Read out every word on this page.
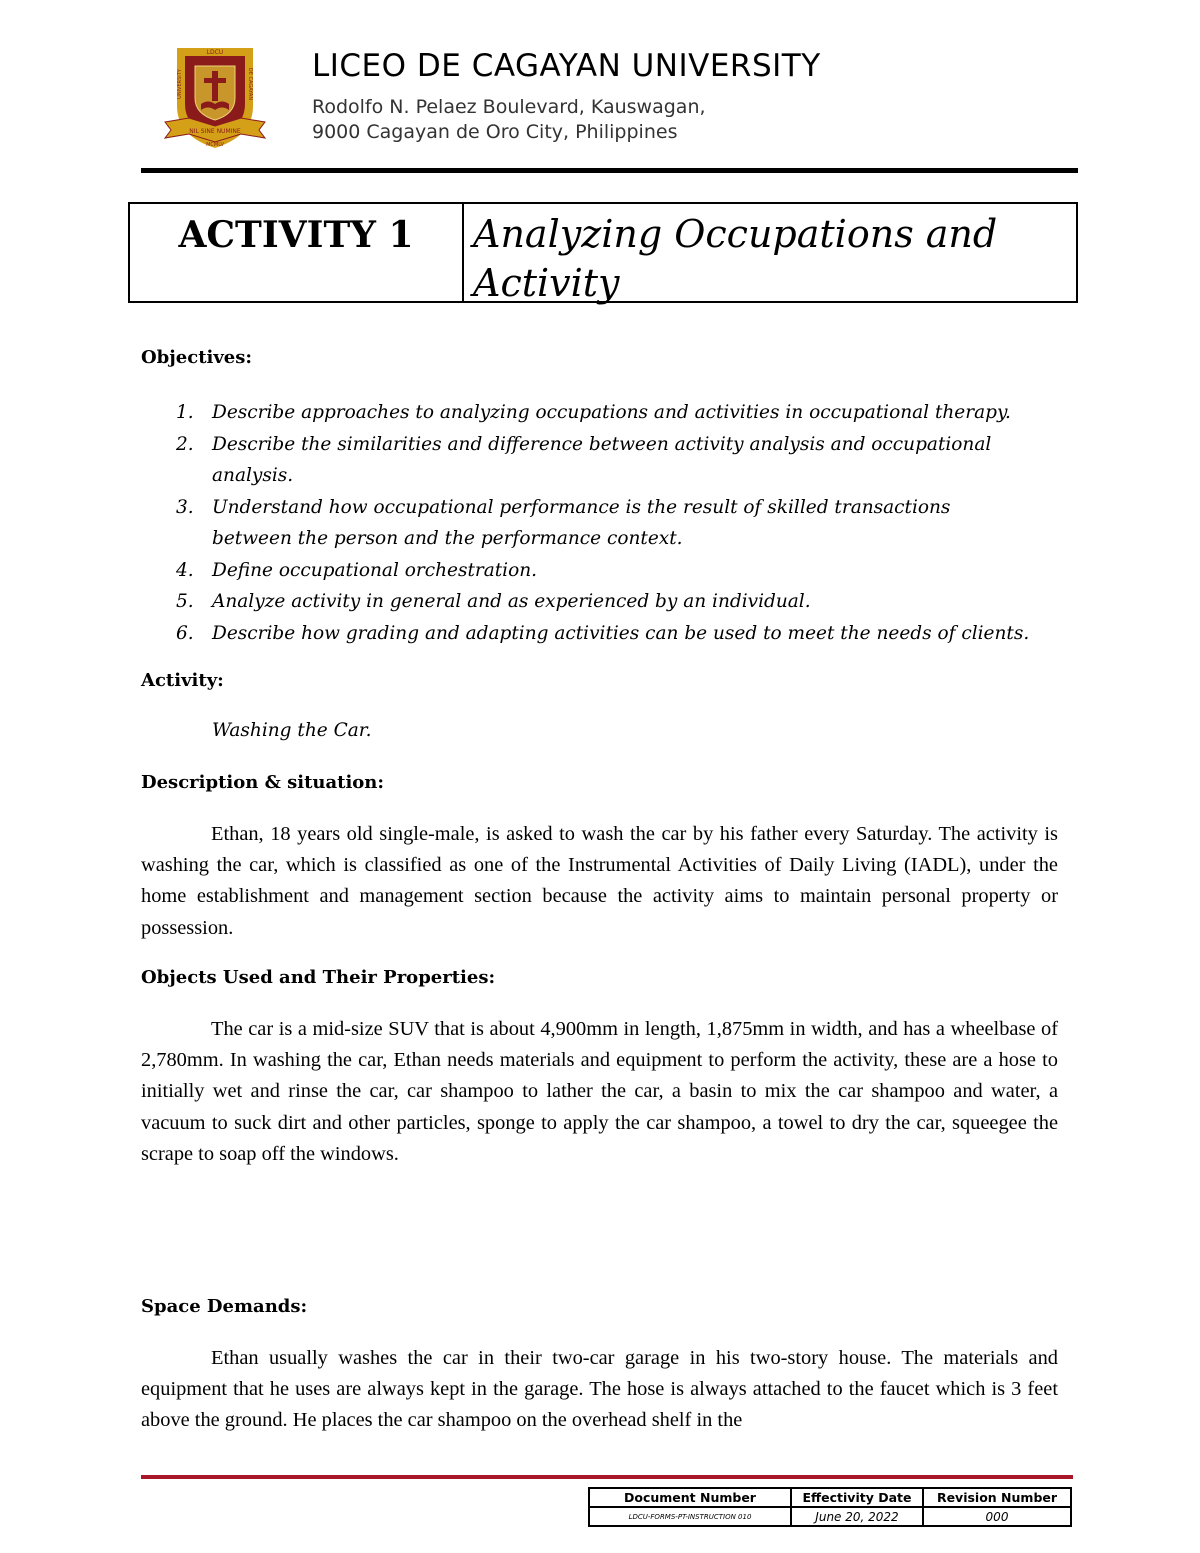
NIL SINE NUMINE
LDCU
UNIVERSITY	DE CAGAYAN
MCMLV
LICEO DE CAGAYAN UNIVERSITY
Rodolfo N. Pelaez Boulevard, Kauswagan,
9000 Cagayan de Oro City, Philippines
ACTIVITY 1	Analyzing Occupations and
Activity
Objectives:
1. Describe approaches to analyzing occupations and activities in occupational therapy.
2. Describe the similarities and difference between activity analysis and occupational analysis.
3. Understand how occupational performance is the result of skilled transactions between the person and the performance context.
4. Define occupational orchestration.
5. Analyze activity in general and as experienced by an individual.
6. Describe how grading and adapting activities can be used to meet the needs of clients.
Activity:
Washing the Car.
Description & situation:
Ethan, 18 years old single-male, is asked to wash the car by his father every Saturday. The activity is washing the car, which is classified as one of the Instrumental Activities of Daily Living (IADL), under the home establishment and management section because the activity aims to maintain personal property or possession.
Objects Used and Their Properties:
The car is a mid-size SUV that is about 4,900mm in length, 1,875mm in width, and has a wheelbase of 2,780mm. In washing the car, Ethan needs materials and equipment to perform the activity, these are a hose to initially wet and rinse the car, car shampoo to lather the car, a basin to mix the car shampoo and water, a vacuum to suck dirt and other particles, sponge to apply the car shampoo, a towel to dry the car, squeegee the scrape to soap off the windows.
Space Demands:
Ethan usually washes the car in their two-car garage in his two-story house. The materials and equipment that he uses are always kept in the garage. The hose is always attached to the faucet which is 3 feet above the ground. He places the car shampoo on the overhead shelf in the
Document Number	Effectivity Date	Revision Number
LDCU-FORMS-PT-INSTRUCTION 010	June 20, 2022	000
